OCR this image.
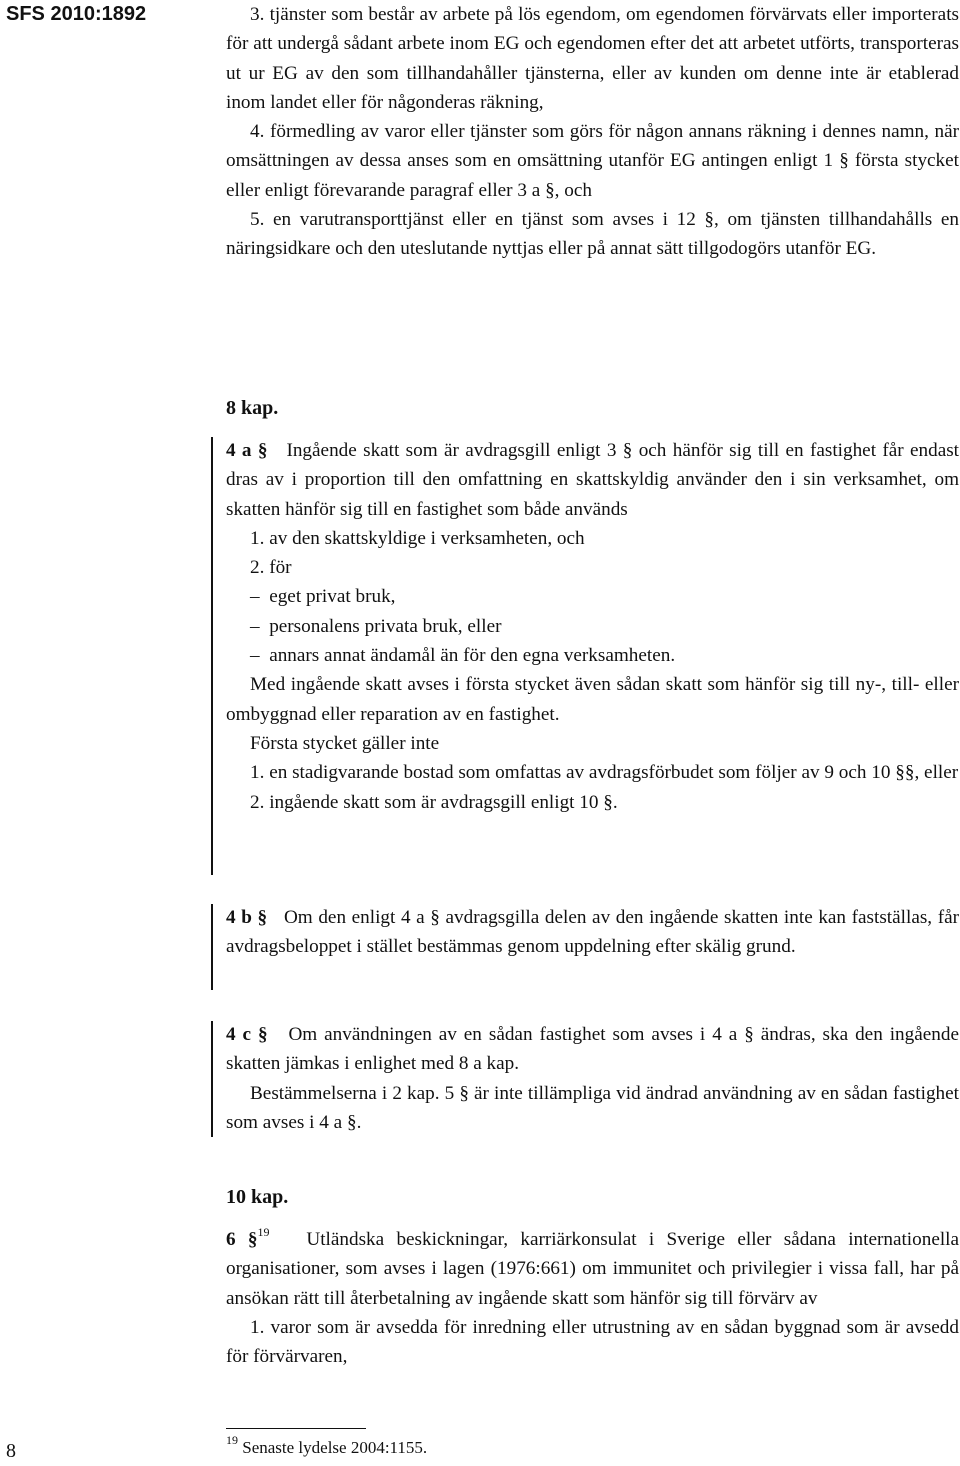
SFS 2010:1892	3. tjänster som består av arbete på lös egendom, om egendomen förvärvats eller importerats för att undergå sådant arbete inom EG och egendomen efter det att arbetet utförts, transporteras ut ur EG av den som tillhandahåller tjänsterna, eller av kunden om denne inte är etablerad inom landet eller för någonderas räkning,

4. förmedling av varor eller tjänster som görs för någon annans räkning i dennes namn, när omsättningen av dessa anses som en omsättning utanför EG antingen enligt 1 § första stycket eller enligt förevarande paragraf eller 3 a §, och

5. en varutransporttjänst eller en tjänst som avses i 12 §, om tjänsten tillhandahålls en näringsidkare och den uteslutande nyttjas eller på annat sätt tillgodogörs utanför EG.

8 kap.

4 a § Ingående skatt som är avdragsgill enligt 3 § och hänför sig till en fastighet får endast dras av i proportion till den omfattning en skattskyldig använder den i sin verksamhet, om skatten hänför sig till en fastighet som både används

1. av den skattskyldige i verksamheten, och

2. för

–  eget privat bruk,

–  personalens privata bruk, eller

–  annars annat ändamål än för den egna verksamheten.

Med ingående skatt avses i första stycket även sådan skatt som hänför sig till ny-, till- eller ombyggnad eller reparation av en fastighet.

Första stycket gäller inte

1. en stadigvarande bostad som omfattas av avdragsförbudet som följer av 9 och 10 §§, eller

2. ingående skatt som är avdragsgill enligt 10 §.

4 b § Om den enligt 4 a § avdragsgilla delen av den ingående skatten inte kan fastställas, får avdragsbeloppet i stället bestämmas genom uppdelning efter skälig grund.

4 c § Om användningen av en sådan fastighet som avses i 4 a § ändras, ska den ingående skatten jämkas i enlighet med 8 a kap.

Bestämmelserna i 2 kap. 5 § är inte tillämpliga vid ändrad användning av en sådan fastighet som avses i 4 a §.

10 kap.

6 §$^{19}$ Utländska beskickningar, karriärkonsulat i Sverige eller sådana internationella organisationer, som avses i lagen (1976:661) om immunitet och privilegier i vissa fall, har på ansökan rätt till återbetalning av ingående skatt som hänför sig till förvärv av

1. varor som är avsedda för inredning eller utrustning av en sådan byggnad som är avsedd för förvärvaren,

$^{19}$ Senaste lydelse 2004:1155.
8
